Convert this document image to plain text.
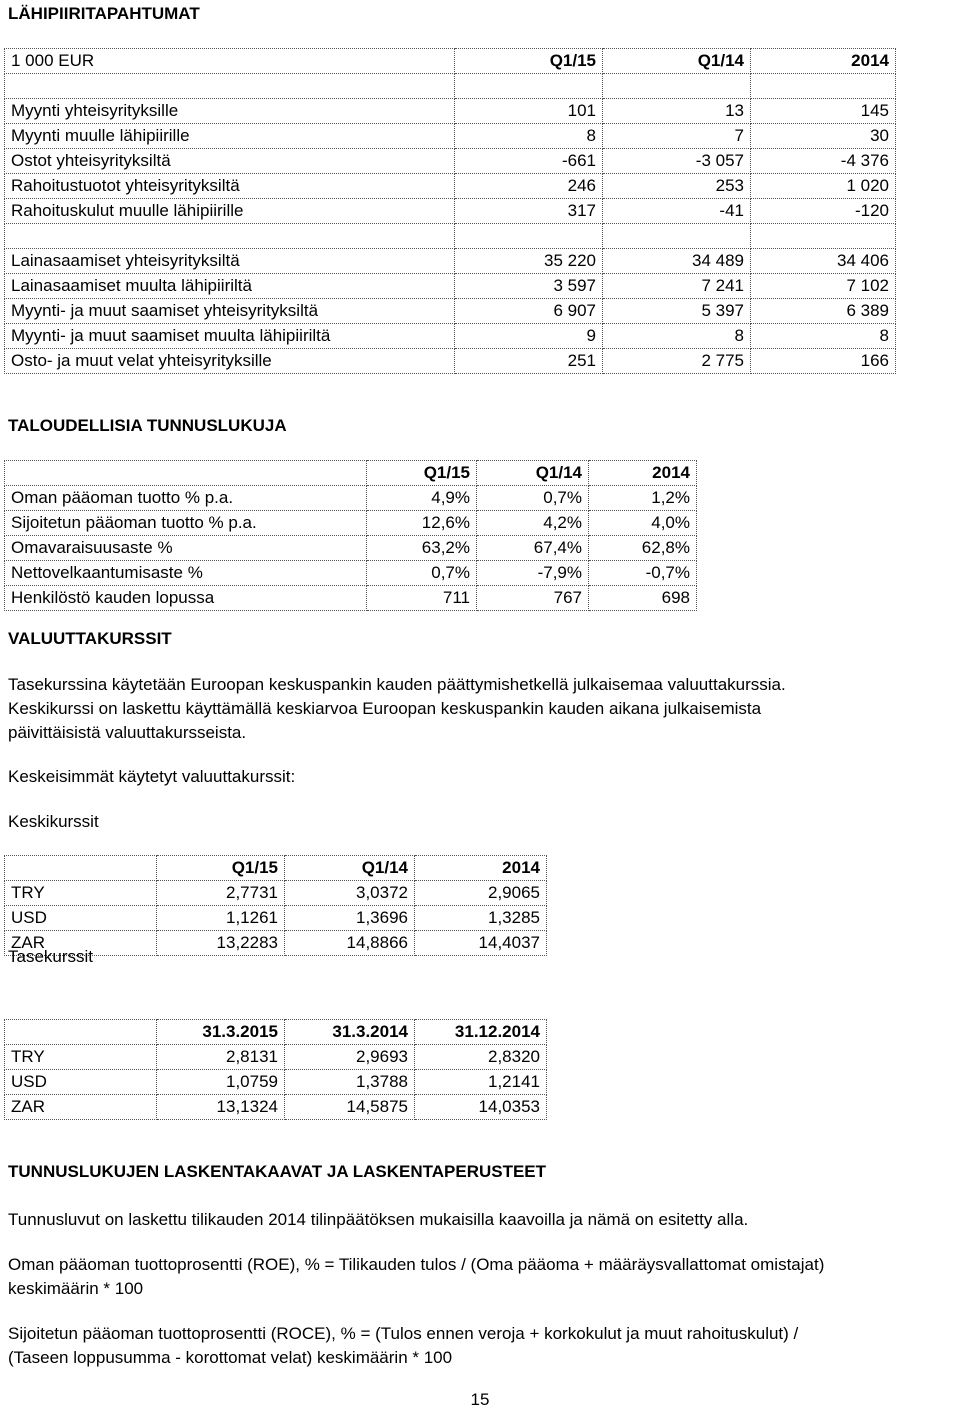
LÄHIPIIRITAPAHTUMAT
1 000 EUR	Q1/15	Q1/14	2014

Myynti yhteisyrityksille	101	13	145
Myynti muulle lähipiirille	8	7	30
Ostot yhteisyrityksiltä	-661	-3 057	-4 376
Rahoitustuotot yhteisyrityksiltä	246	253	1 020
Rahoituskulut muulle lähipiirille	317	-41	-120

Lainasaamiset yhteisyrityksiltä	35 220	34 489	34 406
Lainasaamiset muulta lähipiiriltä	3 597	7 241	7 102
Myynti- ja muut saamiset yhteisyrityksiltä	6 907	5 397	6 389
Myynti- ja muut saamiset muulta lähipiiriltä	9	8	8
Osto- ja muut velat yhteisyrityksille	251	2 775	166
TALOUDELLISIA TUNNUSLUKUJA
	Q1/15	Q1/14	2014
Oman pääoman tuotto % p.a.	4,9%	0,7%	1,2%
Sijoitetun pääoman tuotto % p.a.	12,6%	4,2%	4,0%
Omavaraisuusaste %	63,2%	67,4%	62,8%
Nettovelkaantumisaste %	0,7%	-7,9%	-0,7%
Henkilöstö kauden lopussa	711	767	698
VALUUTTAKURSSIT
Tasekurssina käytetään Euroopan keskuspankin kauden päättymishetkellä julkaisemaa valuuttakurssia.
Keskikurssi on laskettu käyttämällä keskiarvoa Euroopan keskuspankin kauden aikana julkaisemista
päivittäisistä valuuttakursseista.
Keskeisimmät käytetyt valuuttakurssit:
Keskikurssit
	Q1/15	Q1/14	2014
TRY	2,7731	3,0372	2,9065
USD	1,1261	1,3696	1,3285
ZAR	13,2283	14,8866	14,4037
Tasekurssit
	31.3.2015	31.3.2014	31.12.2014
TRY	2,8131	2,9693	2,8320
USD	1,0759	1,3788	1,2141
ZAR	13,1324	14,5875	14,0353
TUNNUSLUKUJEN LASKENTAKAAVAT JA LASKENTAPERUSTEET
Tunnusluvut on laskettu tilikauden 2014 tilinpäätöksen mukaisilla kaavoilla ja nämä on esitetty alla.
Oman pääoman tuottoprosentti (ROE), % = Tilikauden tulos / (Oma pääoma + määräysvallattomat omistajat)
keskimäärin * 100
Sijoitetun pääoman tuottoprosentti (ROCE), % = (Tulos ennen veroja + korkokulut ja muut rahoituskulut) /
(Taseen loppusumma - korottomat velat) keskimäärin * 100
15
